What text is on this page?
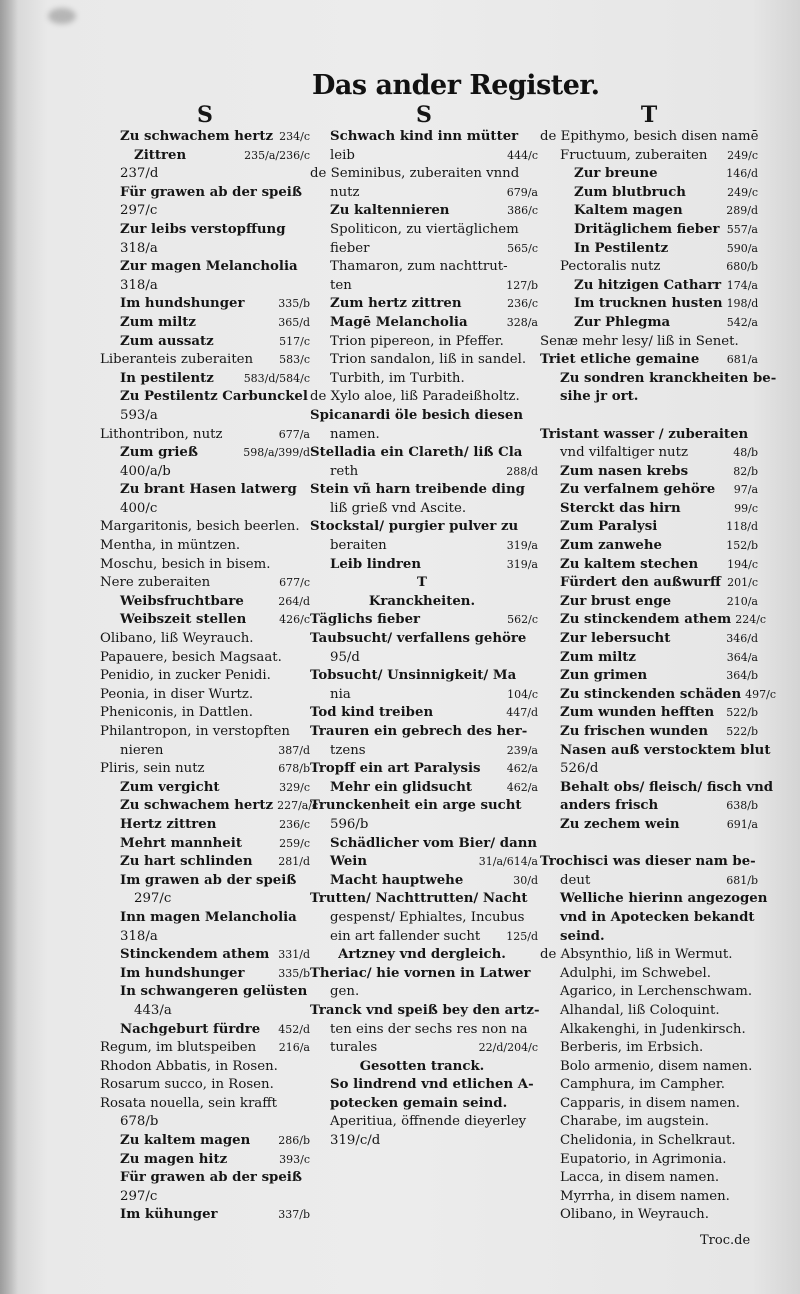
Das ander Register.
S
Zu schwachem hertz 234/c
Zittren	235/a/236/c
237/d
Für grawen ab der speiß
297/c
Zur leibs verstopffung
318/a
Zur magen Melancholia
318/a
Im hundshunger	335/b
Zum miltz	365/d
Zum aussatz	517/c
Liberanteis zuberaiten	583/c
In pestilentz	583/d/584/c
Zu Pestilentz Carbunckel
593/a
Lithontribon, nutz	677/a
Zum grieß	598/a/399/d
400/a/b
Zu brant Hasen latwerg
400/c
Margaritonis, besich beerlen.
Mentha, in müntzen.
Moschu, besich in bisem.
Nere zuberaiten	677/c
Weibsfruchtbare	264/d
Weibszeit stellen	426/c
Olibano, liß Weyrauch.
Papauere, besich Magsaat.
Penidio, in zucker Penidi.
Peonia, in diser Wurtz.
Pheniconis, in Dattlen.
Philantropon, in verstopften
nieren	387/d
Pliris, sein nutz	678/b
Zum vergicht	329/c
Zu schwachem hertz 227/a/c
Hertz zittren	236/c
Mehrt mannheit	259/c
Zu hart schlinden	281/d
Im grawen ab der speiß
297/c
Inn magen Melancholia
318/a
Stinckendem athem 331/d
Im hundshunger	335/b
In schwangeren gelüsten
443/a
Nachgeburt fürdre	452/d
Regum, im blutspeiben	216/a
Rhodon Abbatis, in Rosen.
Rosarum succo, in Rosen.
Rosata nouella, sein krafft
678/b
Zu kaltem magen	286/b
Zu magen hitz	393/c
Für grawen ab der speiß
297/c
Im kühunger	337/b
S
Schwach kind inn mütter
leib	444/c
de Seminibus, zuberaiten vnnd
nutz	679/a
Zu kaltennieren	386/c
Spoliticon, zu viertäglichem
fieber	565/c
Thamaron, zum nachttrut-
ten	127/b
Zum hertz zittren	236/c
Magē Melancholia	328/a
Trion pipereon, in Pfeffer.
Trion sandalon, liß in sandel.
Turbith, im Turbith.
de Xylo aloe, liß Paradeißholtz.
Spicanardi öle besich diesen
namen.
Stelladia ein Clareth/ liß Cla
reth	288/d
Stein vñ harn treibende ding
liß grieß vnd Ascite.
Stockstal/ purgier pulver zu
beraiten	319/a
Leib lindren	319/a
T
Kranckheiten.
Täglichs fieber	562/c
Taubsucht/ verfallens gehöre
95/d
Tobsucht/ Unsinnigkeit/ Ma
nia	104/c
Tod kind treiben	447/d
Trauren ein gebrech des her-
tzens	239/a
Tropff ein art Paralysis	462/a
Mehr ein glidsucht	462/a
Trunckenheit ein arge sucht
596/b
Schädlicher vom Bier/ dann
Wein	31/a/614/a
Macht hauptwehe	30/d
Trutten/ Nachttrutten/ Nacht
gespenst/ Ephialtes, Incubus
ein art fallender sucht	125/d
Artzney vnd dergleich.
Theriac/ hie vornen in Latwer
gen.
Tranck vnd speiß bey den artz-
ten eins der sechs res non na
turales	22/d/204/c
Gesotten tranck.
So lindrend vnd etlichen A-
potecken gemain seind.
Aperitiua, öffnende dieyerley
319/c/d
T
de Epithymo, besich disen namē
Fructuum, zuberaiten	249/c
Zur breune	146/d
Zum blutbruch	249/c
Kaltem magen	289/d
Dritäglichem fieber 557/a
In Pestilentz	590/a
Pectoralis nutz	680/b
Zu hitzigen Catharr 174/a
Im trucknen husten 198/d
Zur Phlegma	542/a
Senæ mehr lesy/ liß in Senet.
Triet etliche gemaine	681/a
Zu sondren kranckheiten be-
sihe jr ort.
Tristant wasser / zuberaiten
vnd vilfaltiger nutz	48/b
Zum nasen krebs	82/b
Zu verfalnem gehöre	97/a
Sterckt das hirn	99/c
Zum Paralysi	118/d
Zum zanwehe	152/b
Zu kaltem stechen	194/c
Fürdert den außwurff 201/c
Zur brust enge	210/a
Zu stinckendem athem 224/c
Zur lebersucht	346/d
Zum miltz	364/a
Zun grimen	364/b
Zu stinckenden schäden 497/c
Zum wunden hefften	522/b
Zu frischen wunden	522/b
Nasen auß verstocktem blut
526/d
Behalt obs/ fleisch/ fisch vnd
anders frisch	638/b
Zu zechem wein	691/a
Trochisci was dieser nam be-
deut	681/b
Welliche hierinn angezogen
vnd in Apotecken bekandt
seind.
de Absynthio, liß in Wermut.
Adulphi, im Schwebel.
Agarico, in Lerchenschwam.
Alhandal, liß Coloquint.
Alkakenghi, in Judenkirsch.
Berberis, im Erbsich.
Bolo armenio, disem namen.
Camphura, im Campher.
Capparis, in disem namen.
Charabe, im augstein.
Chelidonia, in Schelkraut.
Eupatorio, in Agrimonia.
Lacca, in disem namen.
Myrrha, in disem namen.
Olibano, in Weyrauch.
Troc.de
